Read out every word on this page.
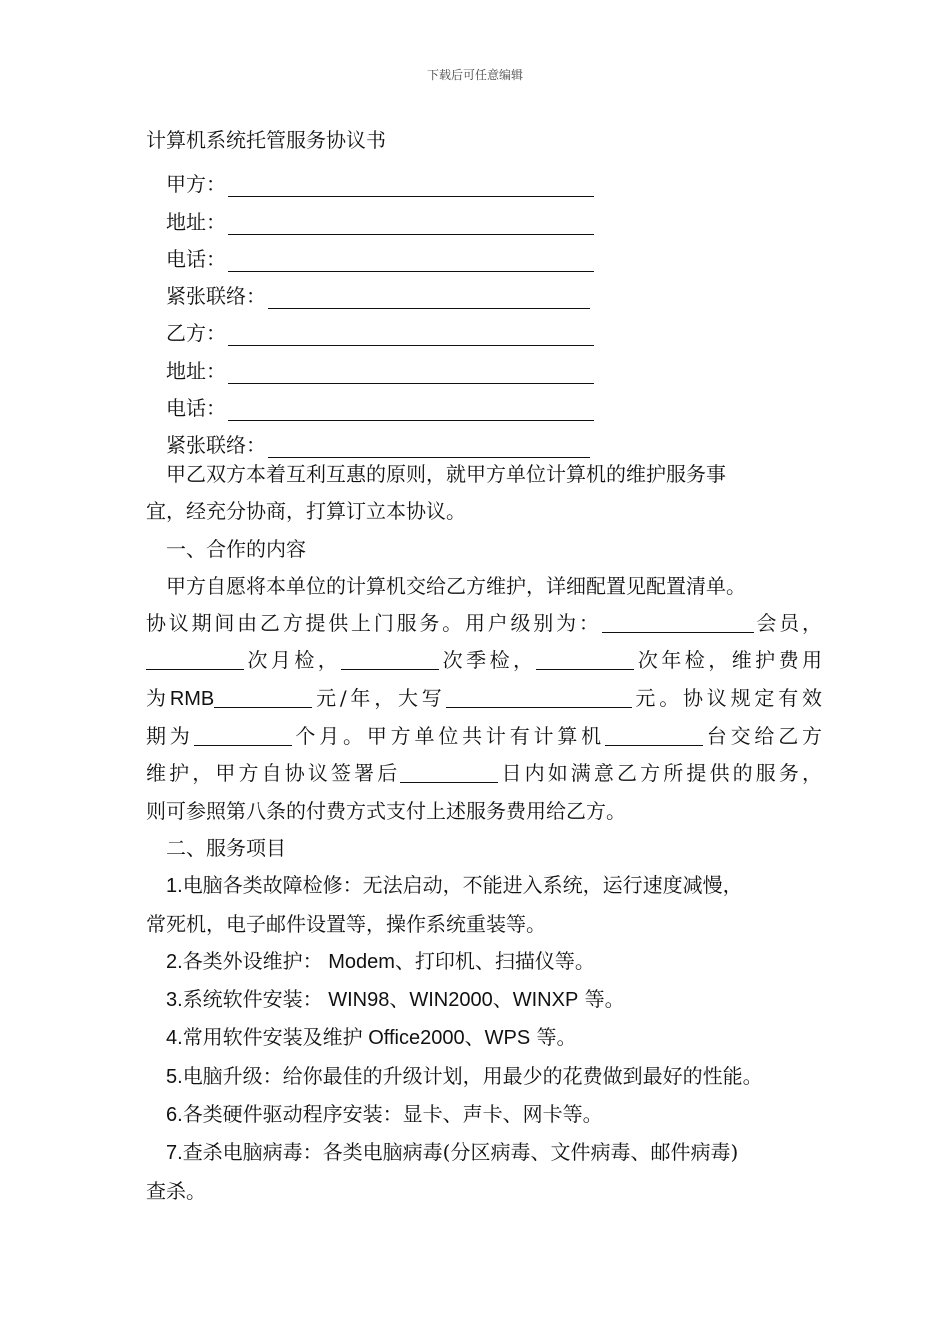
下载后可任意编辑
计算机系统托管服务协议书
甲方：
地址：
电话：
紧张联络：
乙方：
地址：
电话：
紧张联络：

甲乙双方本着互利互惠的原则，就甲方单位计算机的维护服务事

宜，经充分协商，打算订立本协议。

一、合作的内容

甲方自愿将本单位的计算机交给乙方维护，详细配置见配置清单。

协议期间由乙方提供上门服务。用户级别为：	会员，

次月检，	次季检，	次年检，维护费用

为RMB	元/年，大写	元。协议规定有效

期为	个月。甲方单位共计有计算机	台交给乙方

维护，甲方自协议签署后	日内如满意乙方所提供的服务，

则可参照第八条的付费方式支付上述服务费用给乙方。

二、服务项目

1.电脑各类故障检修：无法启动，不能进入系统，运行速度减慢，

常死机，电子邮件设置等，操作系统重装等。

2.各类外设维护： Modem、打印机、扫描仪等。

3.系统软件安装： WIN98、WIN2000、WINXP 等。

4.常用软件安装及维护 Office2000、WPS 等。

5.电脑升级：给你最佳的升级计划，用最少的花费做到最好的性能。

6.各类硬件驱动程序安装：显卡、声卡、网卡等。

7.查杀电脑病毒：各类电脑病毒(分区病毒、文件病毒、邮件病毒)

查杀。
